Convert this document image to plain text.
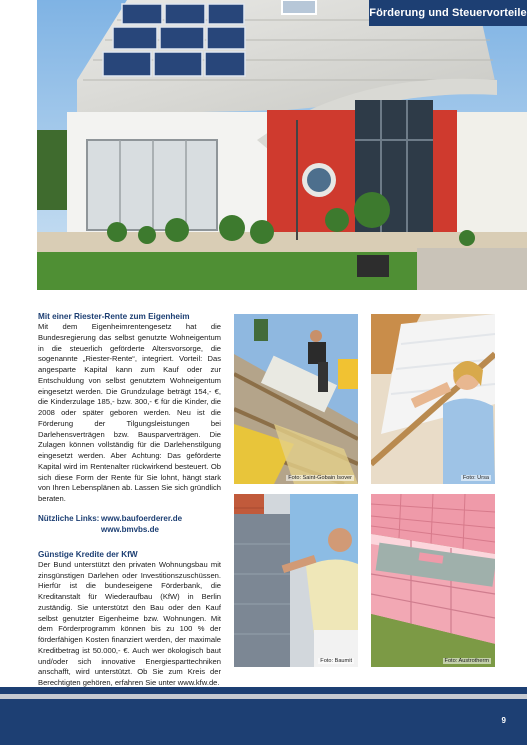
Förderung und Steuervorteile
Mit einer Riester-Rente zum Eigenheim

Mit dem Eigenheimrentengesetz hat die Bundesregierung das selbst genutzte Wohneigentum in die steuerlich geförderte Altersvorsorge, die sogenannte „Riester-Rente“, integriert. Vorteil: Das angesparte Kapital kann zum Kauf oder zur Entschuldung von selbst genutztem Wohneigentum eingesetzt werden. Die Grundzulage beträgt 154,- €, die Kinderzulage 185,- bzw. 300,- € für die Kinder, die 2008 oder später geboren werden. Neu ist die Förderung der Tilgungsleistungen bei Darlehensverträgen bzw. Bausparverträgen. Die Zulagen können vollständig für die Darlehenstilgung eingesetzt werden. Aber Achtung: Das geförderte Kapital wird im Rentenalter rückwirkend besteuert. Ob sich diese Form der Rente für Sie lohnt, hängt stark von Ihren Lebensplänen ab. Lassen Sie sich gründlich beraten.

Nützliche Links: www.baufoerderer.de
www.bmvbs.de
Günstige Kredite der KfW

Der Bund unterstützt den privaten Wohnungsbau mit zinsgünstigen Darlehen oder Investitionszuschüssen. Hierfür ist die bundeseigene Förderbank, die Kreditanstalt für Wiederaufbau (KfW) in Berlin zuständig. Sie unterstützt den Bau oder den Kauf selbst genutzter Eigenheime bzw. Wohnungen. Mit dem Förderprogramm können bis zu 100 % der förderfähigen Kosten finanziert werden, der maximale Kreditbetrag ist 50.000,- €. Auch wer ökologisch baut und/oder sich innovative Energiesparttechniken anschafft, wird unterstützt. Ob Sie zum Kreis der Berechtigten gehören, erfahren Sie unter www.kfw.de.

Foto: Saint-Gobain Isover	Foto: Ursa
Foto: Baumit	Foto: Austrotherm
9
